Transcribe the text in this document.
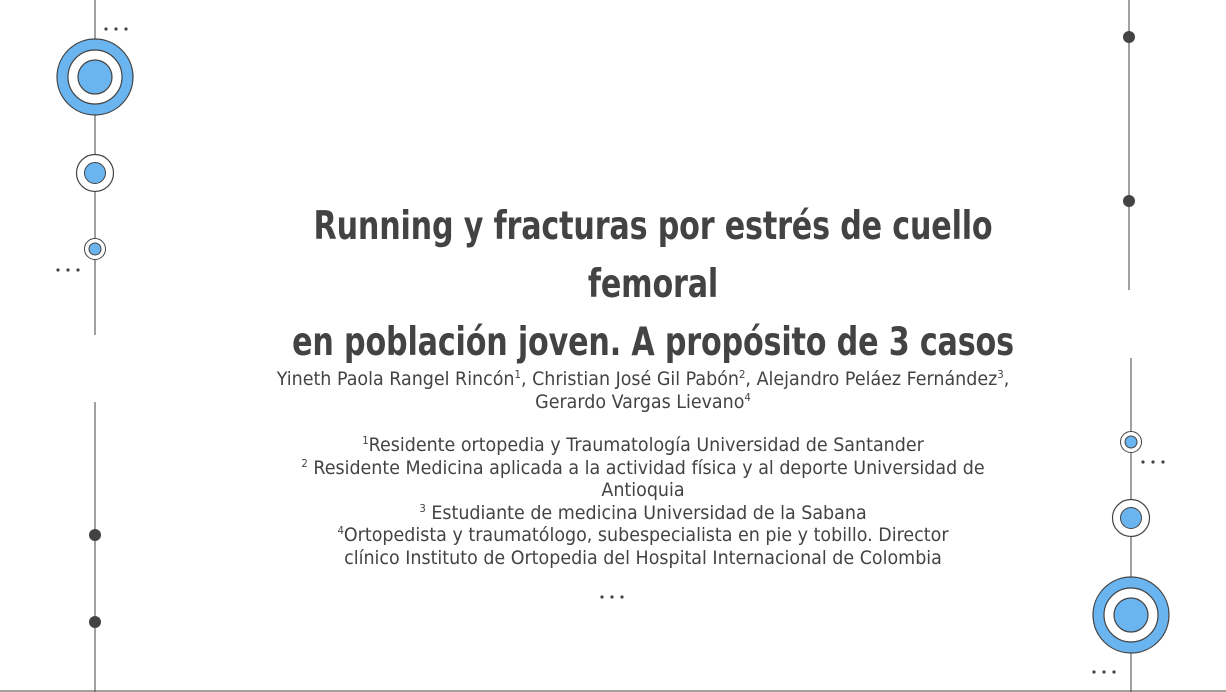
Running y fracturas por estrés de cuello femoral
en población joven. A propósito de 3 casos
Yineth Paola Rangel Rincón$^1$, Christian José Gil Pabón$^2$, Alejandro Peláez Fernández$^3$,
Gerardo Vargas Lievano$^4$
$^1$Residente ortopedia y Traumatología Universidad de Santander
$^2$ Residente Medicina aplicada a la actividad física y al deporte Universidad de Antioquia
$^3$ Estudiante de medicina Universidad de la Sabana
$^4$Ortopedista y traumatólogo, subespecialista en pie y tobillo. Director clínico Instituto de Ortopedia del Hospital Internacional de Colombia
